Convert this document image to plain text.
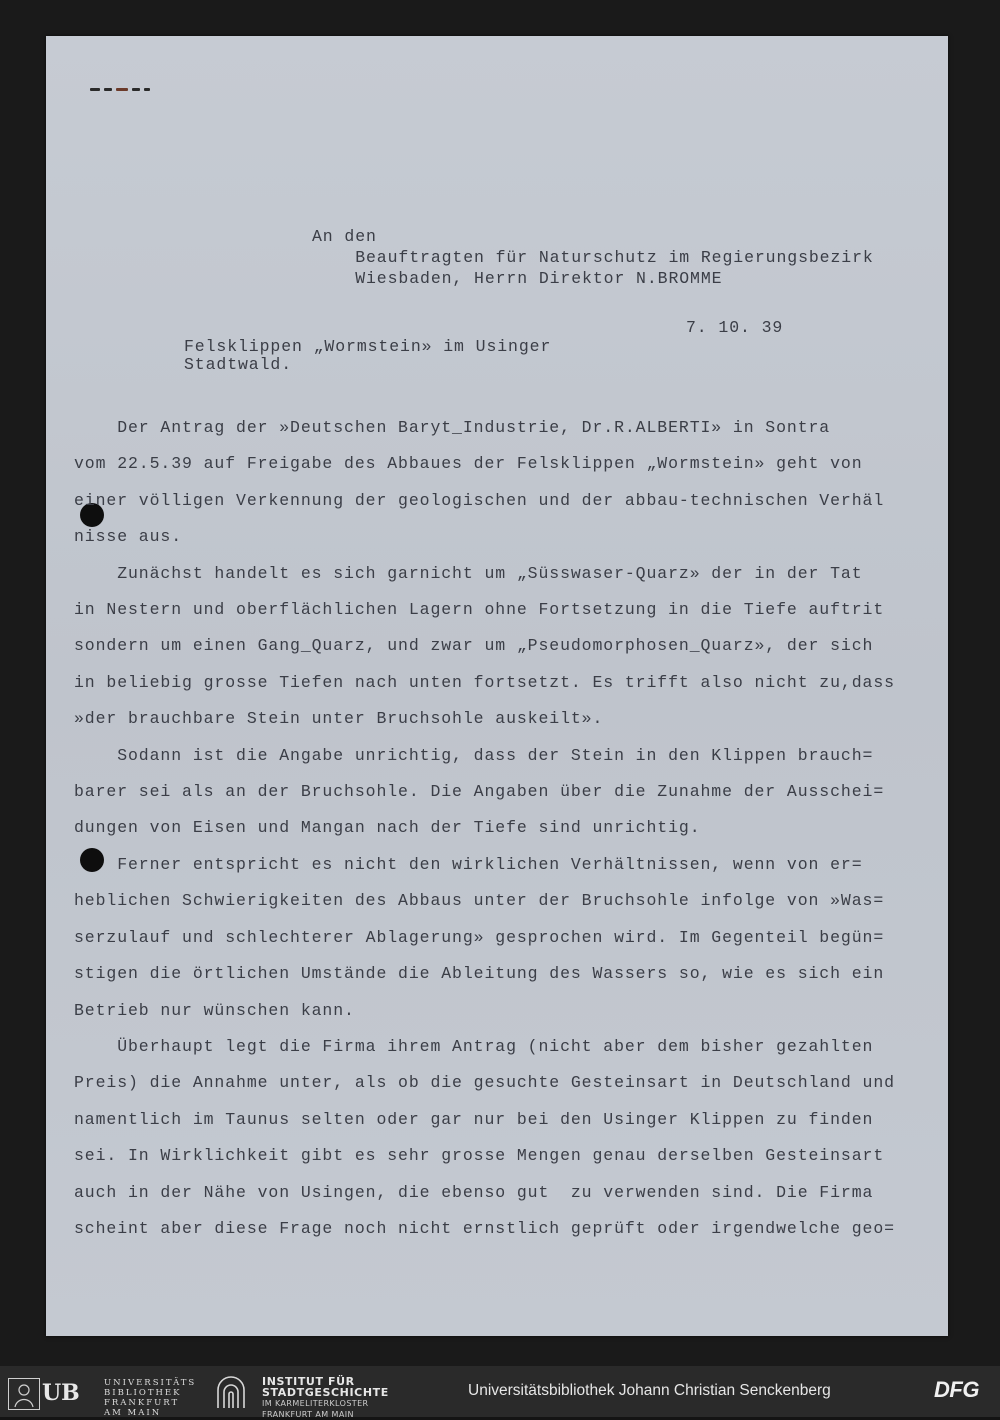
An den
Beauftragten für Naturschutz im Regierungsbezirk
Wiesbaden, Herrn Direktor N.BROMME
7. 10. 39
Felsklippen „Wormstein» im Usinger
Stadtwald.
Der Antrag der »Deutschen Baryt_Industrie, Dr.R.ALBERTI» in Sontra
vom 22.5.39 auf Freigabe des Abbaues der Felsklippen „Wormstein» geht von
einer völligen Verkennung der geologischen und der abbau-technischen Verhäl
nisse aus.
Zunächst handelt es sich garnicht um „Süsswaser-Quarz» der in der Tat
in Nestern und oberflächlichen Lagern ohne Fortsetzung in die Tiefe auftrit
sondern um einen Gang_Quarz, und zwar um „Pseudomorphosen_Quarz», der sich
in beliebig grosse Tiefen nach unten fortsetzt. Es trifft also nicht zu,dass
»der brauchbare Stein unter Bruchsohle auskeilt».
Sodann ist die Angabe unrichtig, dass der Stein in den Klippen brauch=
barer sei als an der Bruchsohle. Die Angaben über die Zunahme der Ausschei=
dungen von Eisen und Mangan nach der Tiefe sind unrichtig.
Ferner entspricht es nicht den wirklichen Verhältnissen, wenn von er=
heblichen Schwierigkeiten des Abbaus unter der Bruchsohle infolge von »Was=
serzulauf und schlechterer Ablagerung» gesprochen wird. Im Gegenteil begün=
stigen die örtlichen Umstände die Ableitung des Wassers so, wie es sich ein
Betrieb nur wünschen kann.
Überhaupt legt die Firma ihrem Antrag (nicht aber dem bisher gezahlten
Preis) die Annahme unter, als ob die gesuchte Gesteinsart in Deutschland und
namentlich im Taunus selten oder gar nur bei den Usinger Klippen zu finden
sei. In Wirklichkeit gibt es sehr grosse Mengen genau derselben Gesteinsart
auch in der Nähe von Usingen, die ebenso gut  zu verwenden sind. Die Firma
scheint aber diese Frage noch nicht ernstlich geprüft oder irgendwelche geo=
UB	UNIVERSITÄTS
BIBLIOTHEK
FRANKFURT AM MAIN
INSTITUT FÜR
STADTGESCHICHTE
IM KARMELITERKLOSTER
FRANKFURT AM MAIN
Universitätsbibliothek Johann Christian Senckenberg	DFG
